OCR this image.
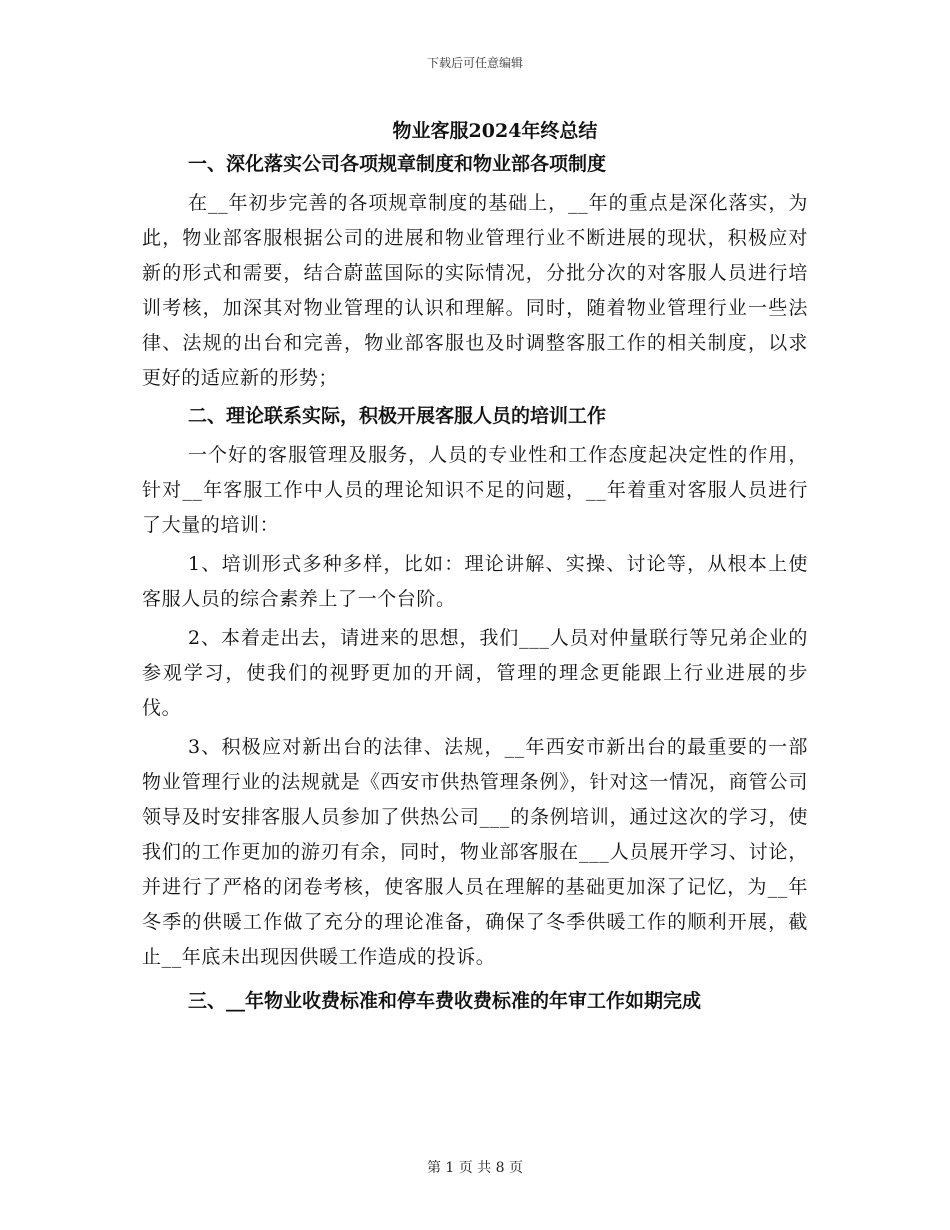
下载后可任意编辑
物业客服2024年终总结
一、深化落实公司各项规章制度和物业部各项制度

在__年初步完善的各项规章制度的基础上，__年的重点是深化落实，为此，物业部客服根据公司的进展和物业管理行业不断进展的现状，积极应对新的形式和需要，结合蔚蓝国际的实际情况，分批分次的对客服人员进行培训考核，加深其对物业管理的认识和理解。同时，随着物业管理行业一些法律、法规的出台和完善，物业部客服也及时调整客服工作的相关制度，以求更好的适应新的形势；

二、理论联系实际，积极开展客服人员的培训工作

一个好的客服管理及服务，人员的专业性和工作态度起决定性的作用，针对__年客服工作中人员的理论知识不足的问题，__年着重对客服人员进行了大量的培训：

1、培训形式多种多样，比如：理论讲解、实操、讨论等，从根本上使客服人员的综合素养上了一个台阶。

2、本着走出去，请进来的思想，我们___人员对仲量联行等兄弟企业的参观学习，使我们的视野更加的开阔，管理的理念更能跟上行业进展的步伐。

3、积极应对新出台的法律、法规，__年西安市新出台的最重要的一部物业管理行业的法规就是《西安市供热管理条例》，针对这一情况，商管公司领导及时安排客服人员参加了供热公司___的条例培训，通过这次的学习，使我们的工作更加的游刃有余，同时，物业部客服在___人员展开学习、讨论，并进行了严格的闭卷考核，使客服人员在理解的基础更加深了记忆，为__年冬季的供暖工作做了充分的理论准备，确保了冬季供暖工作的顺利开展，截止__年底未出现因供暖工作造成的投诉。

三、__年物业收费标准和停车费收费标准的年审工作如期完成
第 1 页 共 8 页
